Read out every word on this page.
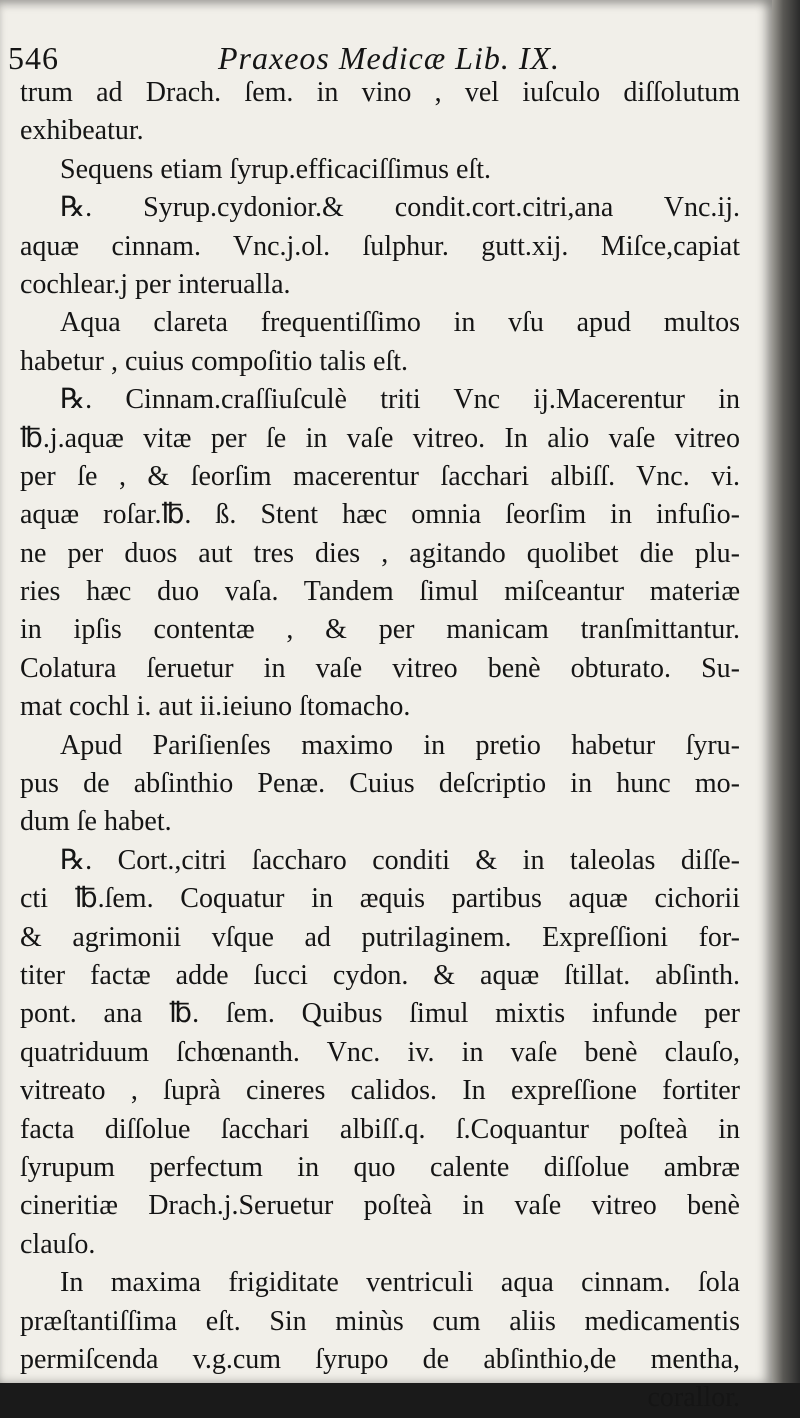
546	Praxeos Medicæ Lib. IX.
trum ad Drach. ſem. in vino , vel iuſculo diſſolutum
exhibeatur.
Sequens etiam ſyrup.efficaciſſimus eſt.
℞. Syrup.cydonior.& condit.cort.citri,ana Vnc.ij.
aquæ cinnam. Vnc.j.ol. ſulphur. gutt.xij. Miſce,capiat
cochlear.j per interualla.
Aqua clareta frequentiſſimo in vſu apud multos
habetur , cuius compoſitio talis eſt.
℞. Cinnam.craſſiuſculè triti Vnc ij.Macerentur in
℔.j.aquæ vitæ per ſe in vaſe vitreo. In alio vaſe vitreo
per ſe , & ſeorſim macerentur ſacchari albiſſ. Vnc. vi.
aquæ roſar.℔. ß. Stent hæc omnia ſeorſim in infuſio-
ne per duos aut tres dies , agitando quolibet die plu-
ries hæc duo vaſa. Tandem ſimul miſceantur materiæ
in ipſis contentæ , & per manicam tranſmittantur.
Colatura ſeruetur in vaſe vitreo benè obturato. Su-
mat cochl i. aut ii.ieiuno ſtomacho.
Apud Pariſienſes maximo in pretio habetur ſyru-
pus de abſinthio Penæ. Cuius deſcriptio in hunc mo-
dum ſe habet.
℞. Cort.,citri ſaccharo conditi & in taleolas diſſe-
cti ℔.ſem. Coquatur in æquis partibus aquæ cichorii
& agrimonii vſque ad putrilaginem. Expreſſioni for-
titer factæ adde ſucci cydon. & aquæ ſtillat. abſinth.
pont. ana ℔. ſem. Quibus ſimul mixtis infunde per
quatriduum ſchœnanth. Vnc. iv. in vaſe benè clauſo,
vitreato , ſuprà cineres calidos. In expreſſione fortiter
facta diſſolue ſacchari albiſſ.q. ſ.Coquantur poſteà in
ſyrupum perfectum in quo calente diſſolue ambræ
cineritiæ Drach.j.Seruetur poſteà in vaſe vitreo benè
clauſo.
In maxima frigiditate ventriculi aqua cinnam. ſola
præſtantiſſima eſt. Sin minùs cum aliis medicamentis
permiſcenda v.g.cum ſyrupo de abſinthio,de mentha,
corallor.
